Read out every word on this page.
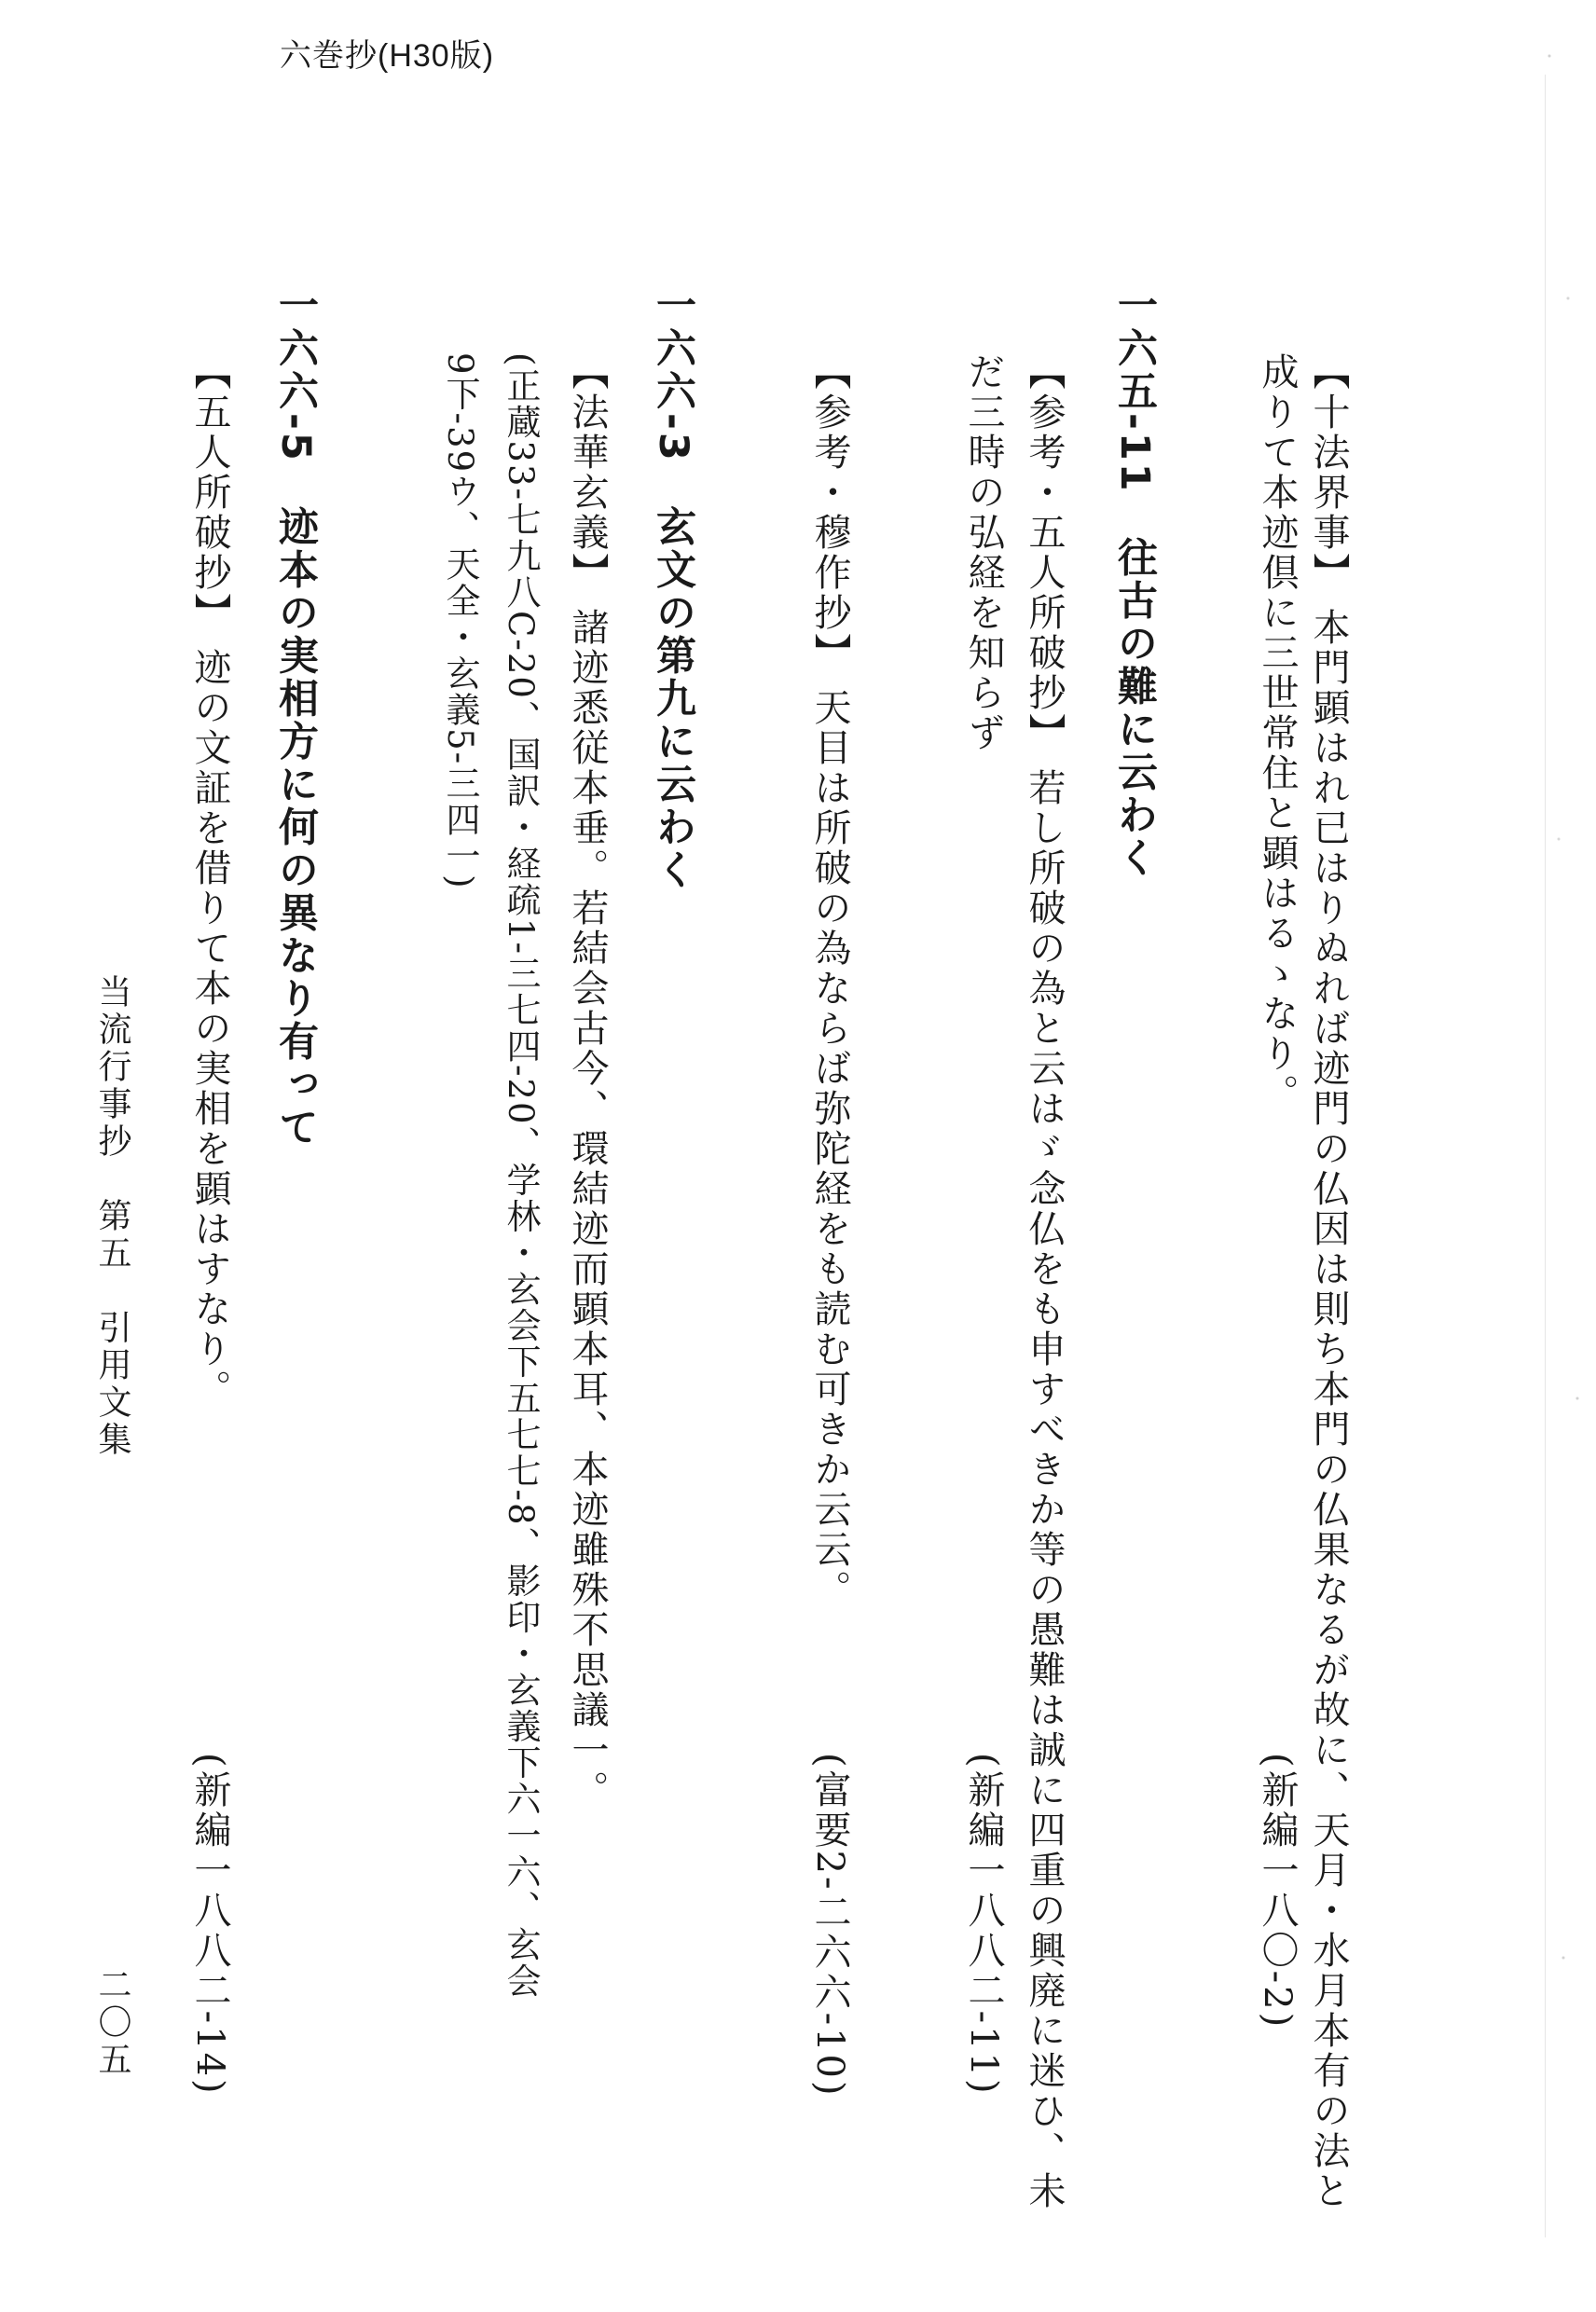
六巻抄(H30版)
【十法界事】 本門顕はれ已はりぬれば迹門の仏因は則ち本門の仏果なるが故に、天月・水月本有の法と
成りて本迹倶に三世常住と顕はるゝなり。
(新編一八〇-2)
一六五-11　往古の難に云わく
【参考・五人所破抄】 若し所破の為と云はゞ念仏をも申すべきか等の愚難は誠に四重の興廃に迷ひ、未
だ三時の弘経を知らず
(新編一八八二-11)
【参考・穆作抄】 天目は所破の為ならば弥陀経をも読む可きか云云。
(富要2-二六六-10)
一六六-3　玄文の第九に云わく
【法華玄義】 諸迹悉従本垂。若結会古今、環結迹而顕本耳、本迹雖殊不思議一。
(正蔵33-七九八C-20、国訳・経疏1-三七四-20、学林・玄会下五七七-8、影印・玄義下六一六、玄会
9下-39ウ、天全・玄義5-三四一)
一六六-5　迹本の実相方に何の異なり有って
【五人所破抄】 迹の文証を借りて本の実相を顕はすなり。
(新編一八八二-14)
当流行事抄　第五　引用文集
二〇五
